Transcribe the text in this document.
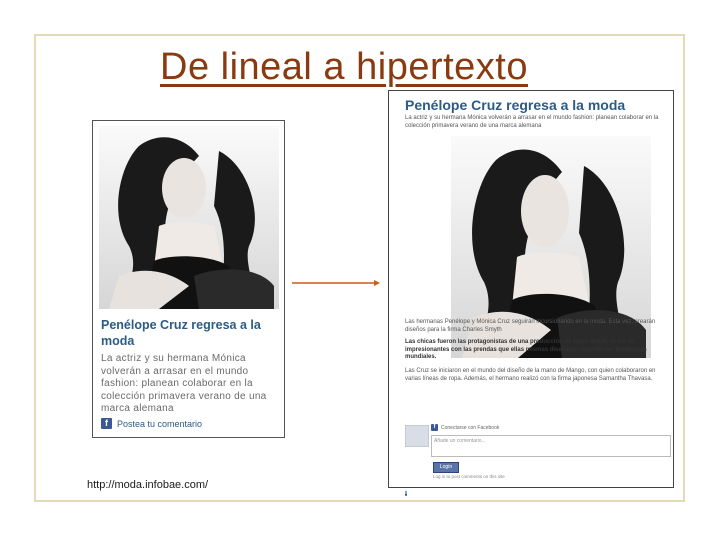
De lineal a hipertexto
Penélope Cruz regresa a la moda
La actriz y su hermana Mónica volverán a arrasar en el mundo fashion: planean colaborar en la colección primavera verano de una marca alemana
f	Postea tu comentario
Penélope Cruz regresa a la moda
La actriz y su hermana Mónica volverán a arrasar en el mundo fashion: planean colaborar en la colección primavera verano de una marca alemana
Las hermanas Penélope y Mónica Cruz seguirán incursionando en la moda. Esta vez, crearán diseños para la firma Charles Smyth
Las chicas fueron las protagonistas de una producción de fotos donde se las ve impresionantes con las prendas que ellas mismas diseñaron rigiendo las tendencias mundiales.
Las Cruz se iniciaron en el mundo del diseño de la mano de Mango, con quien colaboraron en varias líneas de ropa. Además, el hermano realizó con la firma japonesa Samantha Thavasa.
f	Conectarse con Facebook
Añade un comentario...
Login
Log in to post comments on this site
f
http://moda.infobae.com/
